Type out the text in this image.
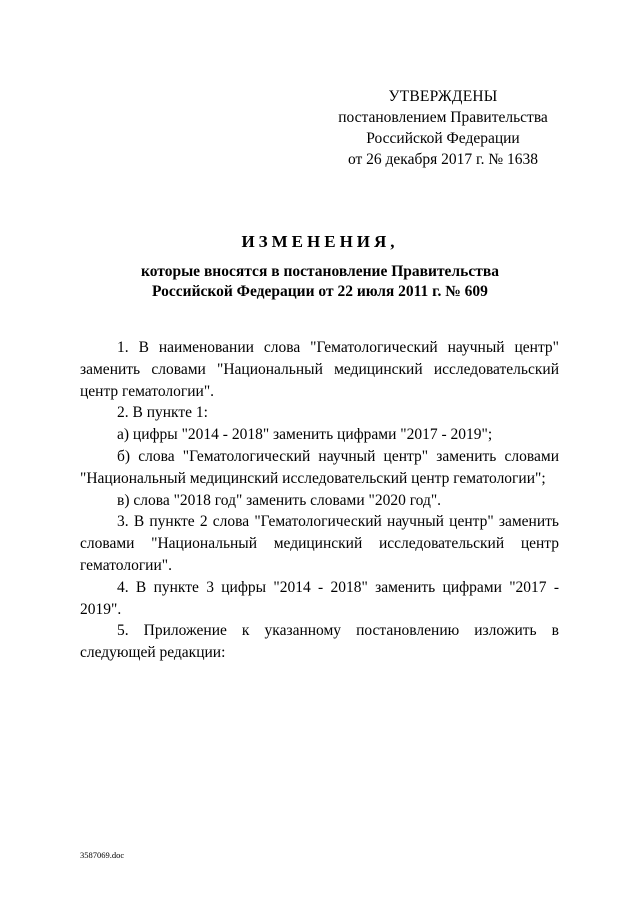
УТВЕРЖДЕНЫ
постановлением Правительства
Российской Федерации
от 26 декабря 2017 г. № 1638
ИЗМЕНЕНИЯ,
которые вносятся в постановление Правительства
Российской Федерации от 22 июля 2011 г. № 609

1. В наименовании слова "Гематологический научный центр" заменить словами "Национальный медицинский исследовательский центр гематологии".

2. В пункте 1:

а) цифры "2014 - 2018" заменить цифрами "2017 - 2019";

б) слова "Гематологический научный центр" заменить словами "Национальный медицинский исследовательский центр гематологии";

в) слова "2018 год" заменить словами "2020 год".

3. В пункте 2 слова "Гематологический научный центр" заменить словами "Национальный медицинский исследовательский центр гематологии".

4. В пункте 3 цифры "2014 - 2018" заменить цифрами "2017 - 2019".

5. Приложение к указанному постановлению изложить в следующей редакции:

3587069.doc
